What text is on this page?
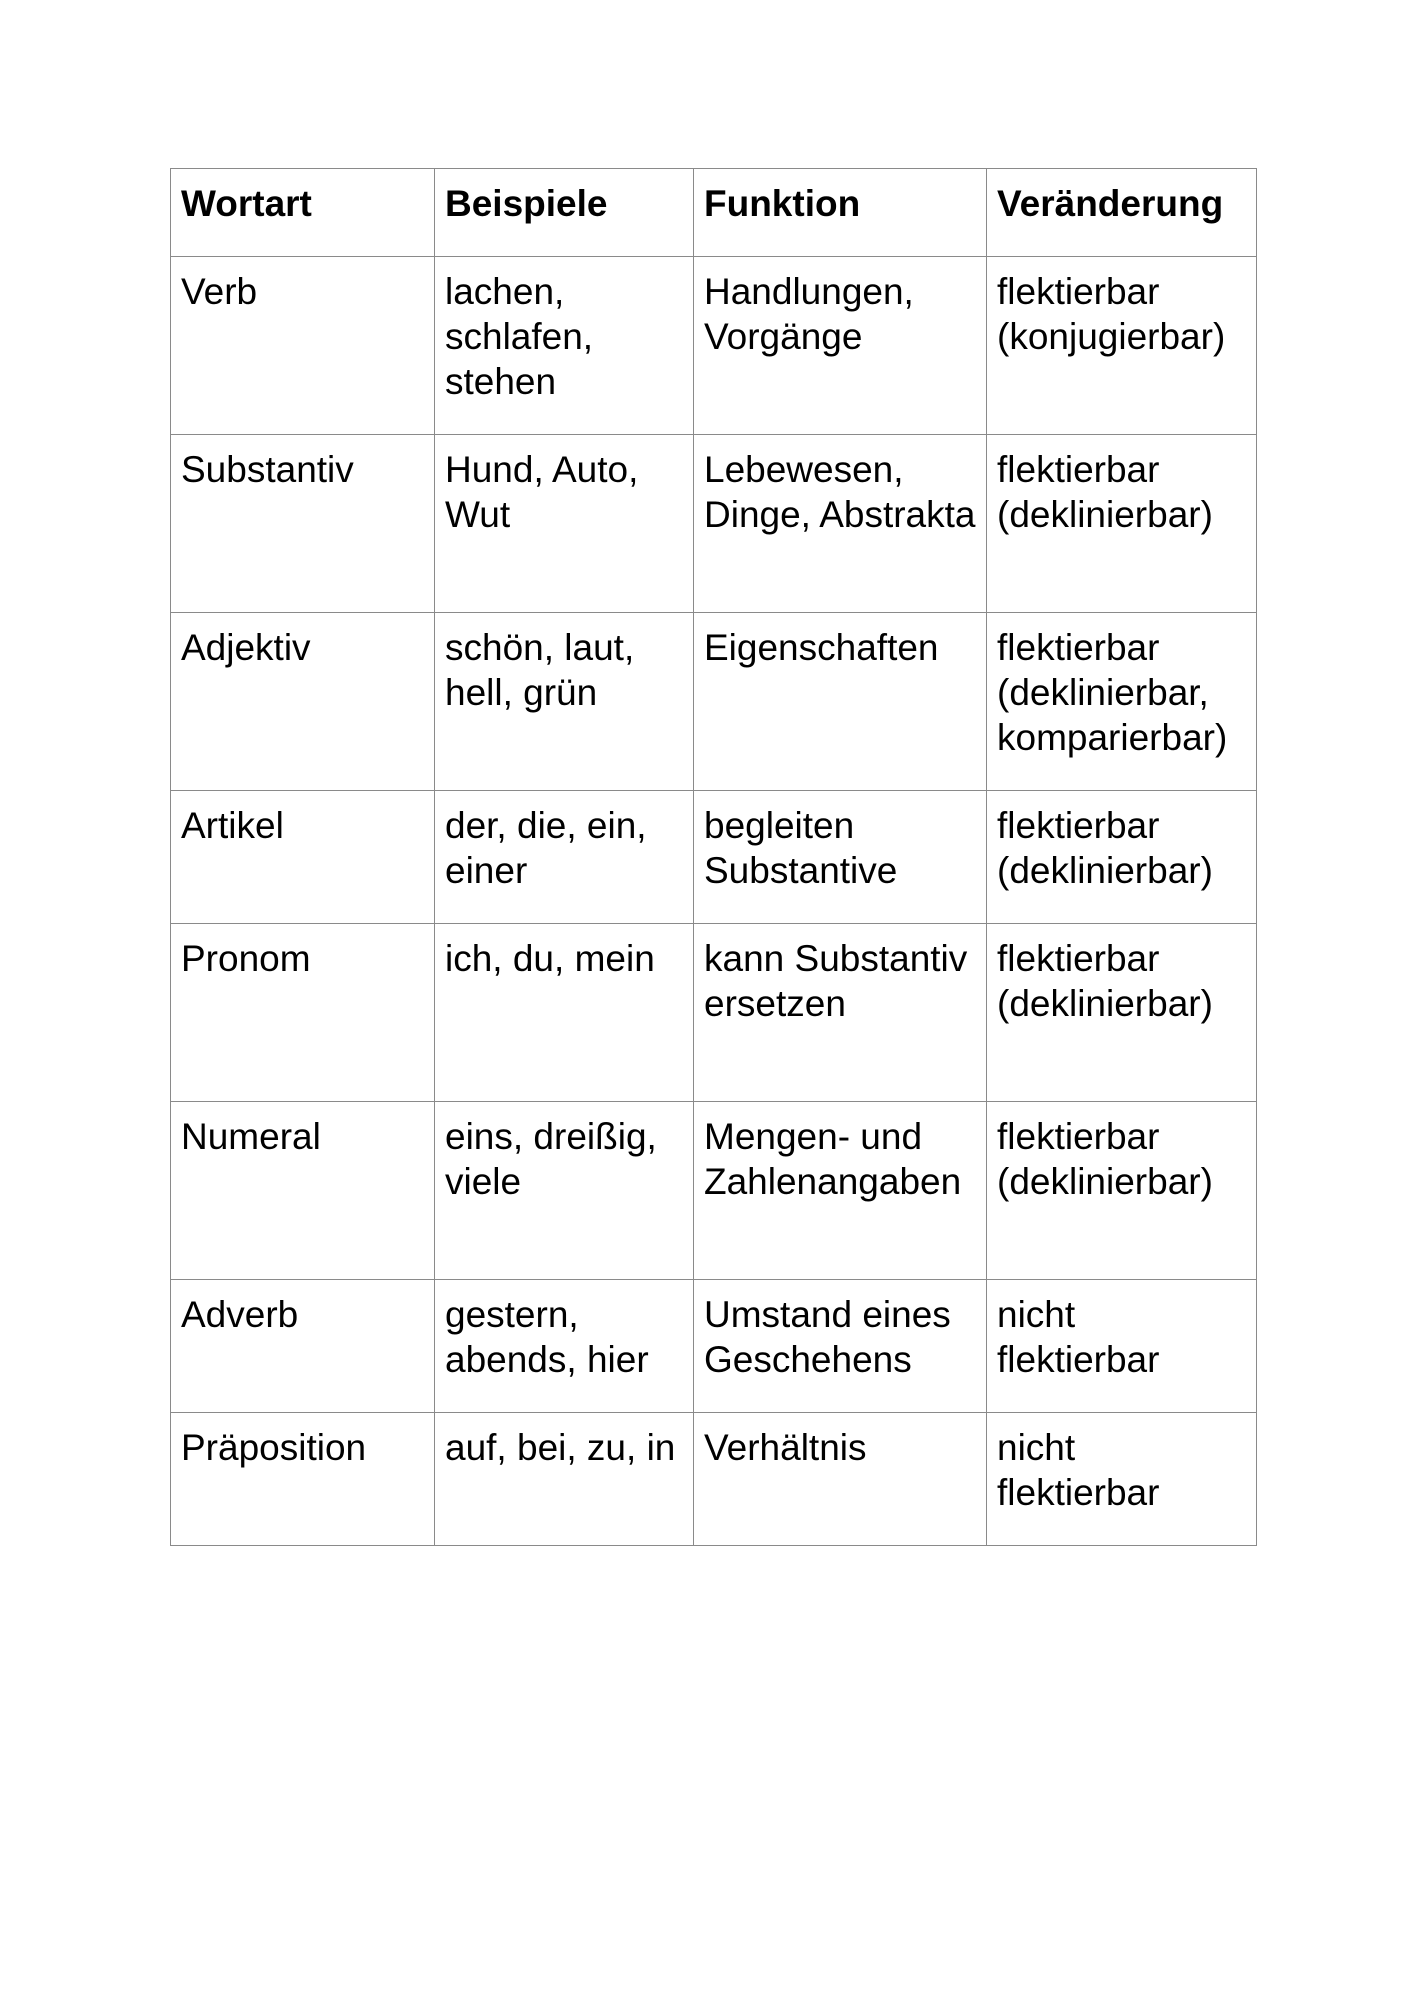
Wortart	Beispiele	Funktion	Veränderung
Verb	lachen, schlafen, stehen	Handlungen, Vorgänge	flektierbar (konjugierbar)
Substantiv	Hund, Auto, Wut	Lebewesen, Dinge, Abstrakta	flektierbar (deklinierbar)
Adjektiv	schön, laut, hell, grün	Eigenschaften	flektierbar (deklinierbar, komparierbar)
Artikel	der, die, ein, einer	begleiten Substantive	flektierbar (deklinierbar)
Pronom	ich, du, mein	kann Substantiv ersetzen	flektierbar (deklinierbar)
Numeral	eins, dreißig, viele	Mengen- und Zahlenangaben	flektierbar (deklinierbar)
Adverb	gestern, abends, hier	Umstand eines Geschehens	nicht flektierbar
Präposition	auf, bei, zu, in	Verhältnis	nicht flektierbar
